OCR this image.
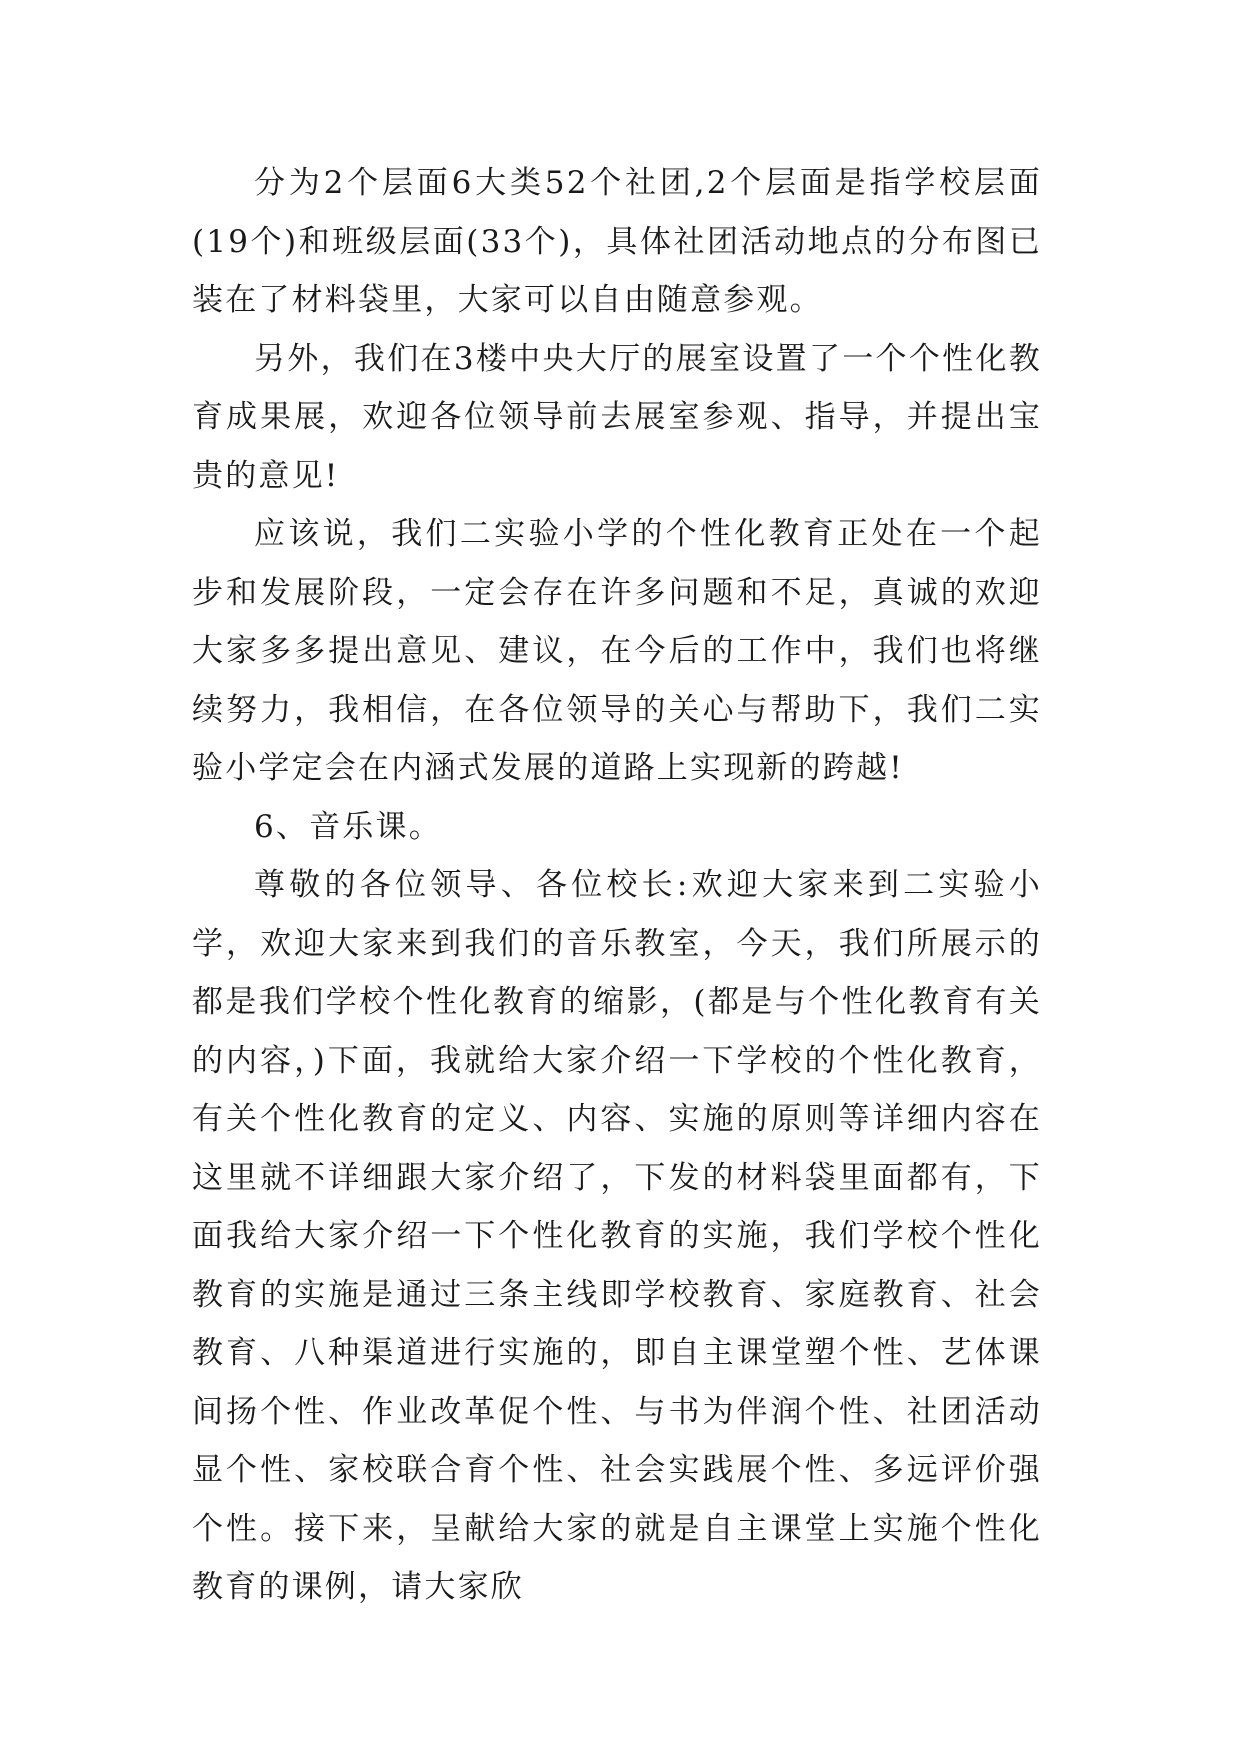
分为2个层面6大类52个社团,2个层面是指学校层面(19个)和班级层面(33个)，具体社团活动地点的分布图已装在了材料袋里，大家可以自由随意参观。

另外，我们在3楼中央大厅的展室设置了一个个性化教育成果展，欢迎各位领导前去展室参观、指导，并提出宝贵的意见!

应该说，我们二实验小学的个性化教育正处在一个起步和发展阶段，一定会存在许多问题和不足，真诚的欢迎大家多多提出意见、建议，在今后的工作中，我们也将继续努力，我相信，在各位领导的关心与帮助下，我们二实验小学定会在内涵式发展的道路上实现新的跨越!

6、音乐课。

尊敬的各位领导、各位校长:欢迎大家来到二实验小学，欢迎大家来到我们的音乐教室，今天，我们所展示的都是我们学校个性化教育的缩影，(都是与个性化教育有关的内容，)下面，我就给大家介绍一下学校的个性化教育，有关个性化教育的定义、内容、实施的原则等详细内容在这里就不详细跟大家介绍了，下发的材料袋里面都有，下面我给大家介绍一下个性化教育的实施，我们学校个性化教育的实施是通过三条主线即学校教育、家庭教育、社会教育、八种渠道进行实施的，即自主课堂塑个性、艺体课间扬个性、作业改革促个性、与书为伴润个性、社团活动显个性、家校联合育个性、社会实践展个性、多远评价强个性。接下来，呈献给大家的就是自主课堂上实施个性化教育的课例，请大家欣
